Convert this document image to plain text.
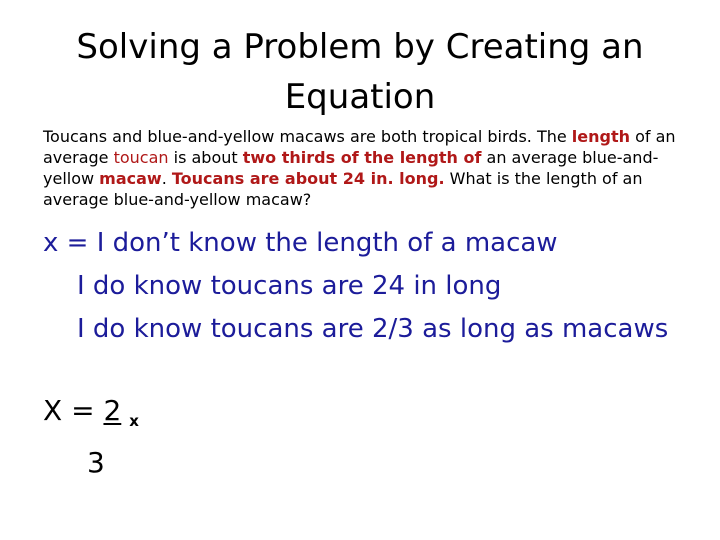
Solving a Problem by Creating an
Equation
Toucans and blue-and-yellow macaws are both tropical birds. The length of an average toucan is about two thirds of the length of an average blue-and-yellow macaw. Toucans are about 24 in. long. What is the length of an average blue-and-yellow macaw?
x = I don’t know the length of a macaw
I do know toucans are 24 in long
I do know toucans are 2/3 as long as macaws
X = 2 $_x$
3
